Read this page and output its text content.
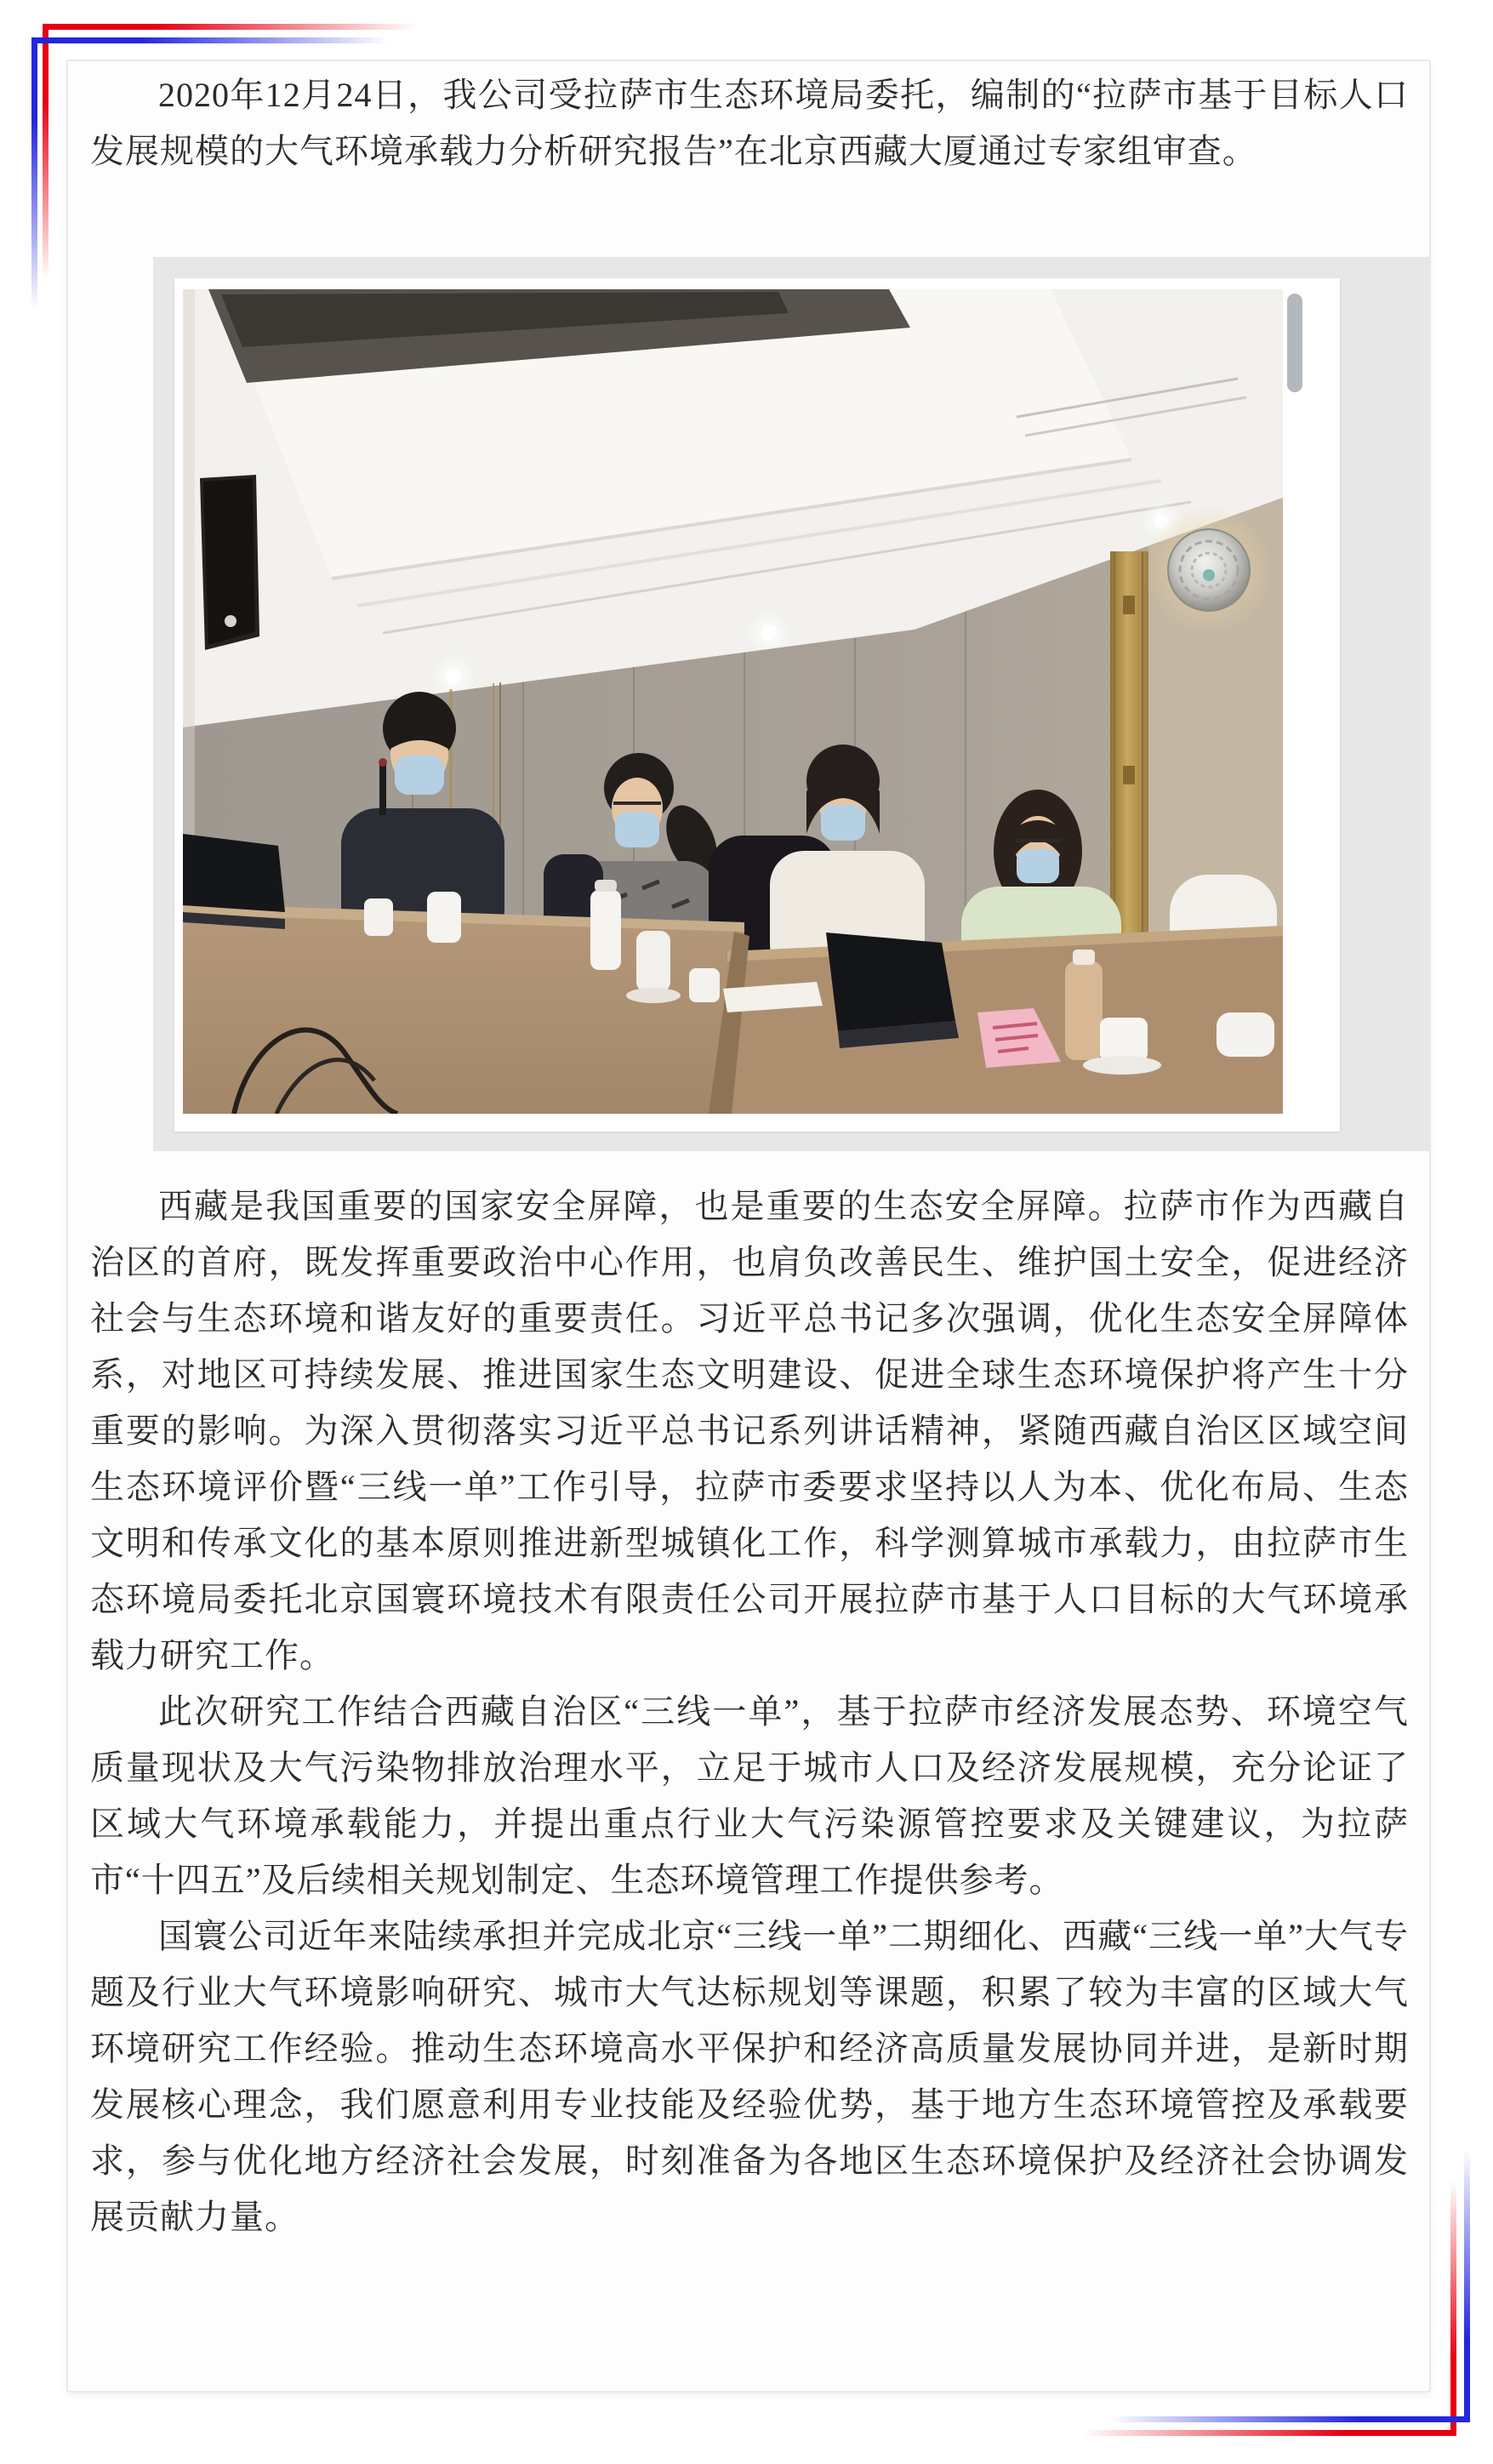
2020年12月24日，我公司受拉萨市生态环境局委托，编制的“拉萨市基于目标人口发展规模的大气环境承载力分析研究报告”在北京西藏大厦通过专家组审查。

西藏是我国重要的国家安全屏障，也是重要的生态安全屏障。拉萨市作为西藏自治区的首府，既发挥重要政治中心作用，也肩负改善民生、维护国土安全，促进经济社会与生态环境和谐友好的重要责任。习近平总书记多次强调，优化生态安全屏障体系，对地区可持续发展、推进国家生态文明建设、促进全球生态环境保护将产生十分重要的影响。为深入贯彻落实习近平总书记系列讲话精神，紧随西藏自治区区域空间生态环境评价暨“三线一单”工作引导，拉萨市委要求坚持以人为本、优化布局、生态文明和传承文化的基本原则推进新型城镇化工作，科学测算城市承载力，由拉萨市生态环境局委托北京国寰环境技术有限责任公司开展拉萨市基于人口目标的大气环境承载力研究工作。

此次研究工作结合西藏自治区“三线一单”，基于拉萨市经济发展态势、环境空气质量现状及大气污染物排放治理水平，立足于城市人口及经济发展规模，充分论证了区域大气环境承载能力，并提出重点行业大气污染源管控要求及关键建议，为拉萨市“十四五”及后续相关规划制定、生态环境管理工作提供参考。

国寰公司近年来陆续承担并完成北京“三线一单”二期细化、西藏“三线一单”大气专题及行业大气环境影响研究、城市大气达标规划等课题，积累了较为丰富的区域大气环境研究工作经验。推动生态环境高水平保护和经济高质量发展协同并进，是新时期发展核心理念，我们愿意利用专业技能及经验优势，基于地方生态环境管控及承载要求，参与优化地方经济社会发展，时刻准备为各地区生态环境保护及经济社会协调发展贡献力量。
